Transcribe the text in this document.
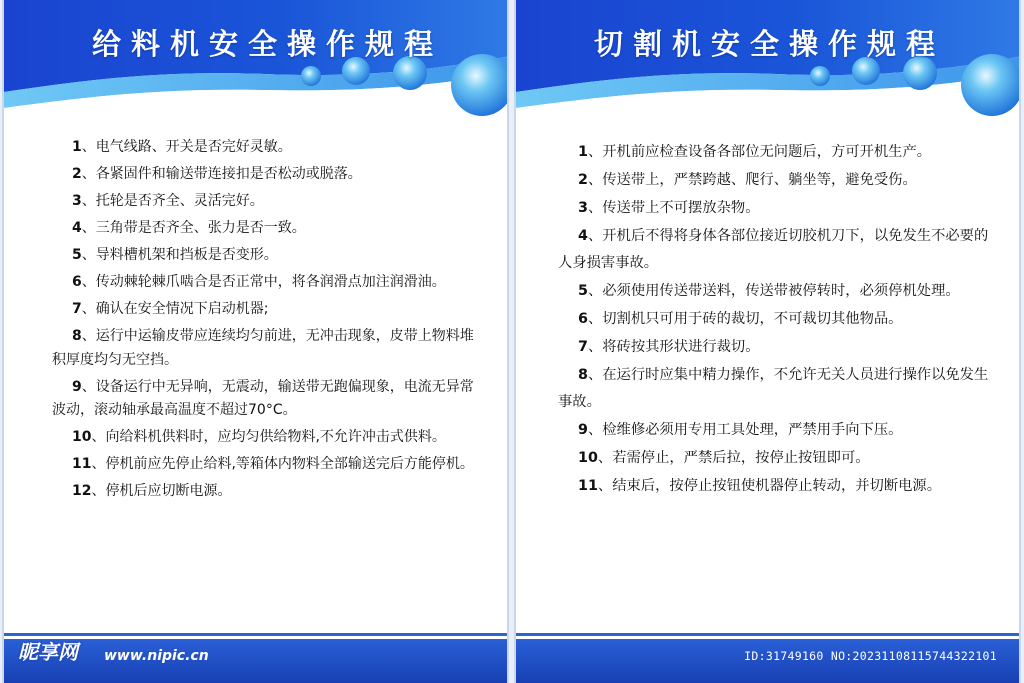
给料机安全操作规程

1、电气线路、开关是否完好灵敏。

2、各紧固件和输送带连接扣是否松动或脱落。

3、托轮是否齐全、灵活完好。

4、三角带是否齐全、张力是否一致。

5、导料槽机架和挡板是否变形。

6、传动棘轮棘爪啮合是否正常中，将各润滑点加注润滑油。

7、确认在安全情况下启动机器;

8、运行中运输皮带应连续均匀前进，无冲击现象，皮带上物料堆积厚度均匀无空挡。

9、设备运行中无异响，无震动，输送带无跑偏现象，电流无异常波动，滚动轴承最高温度不超过70°C。

10、向给料机供料时，应均匀供给物料,不允许冲击式供料。

11、停机前应先停止给料,等箱体内物料全部输送完后方能停机。

12、停机后应切断电源。

昵享网 www.nipic.cn
切割机安全操作规程

1、开机前应检查设备各部位无问题后，方可开机生产。

2、传送带上，严禁跨越、爬行、躺坐等，避免受伤。

3、传送带上不可摆放杂物。

4、开机后不得将身体各部位接近切胶机刀下，以免发生不必要的人身损害事故。

5、必须使用传送带送料，传送带被停转时，必须停机处理。

6、切割机只可用于砖的裁切，不可裁切其他物品。

7、将砖按其形状进行裁切。

8、在运行时应集中精力操作，不允许无关人员进行操作以免发生事故。

9、检维修必须用专用工具处理，严禁用手向下压。

10、若需停止，严禁后拉，按停止按钮即可。

11、结束后，按停止按钮使机器停止转动，并切断电源。

ID:31749160 NO:20231108115744322101
